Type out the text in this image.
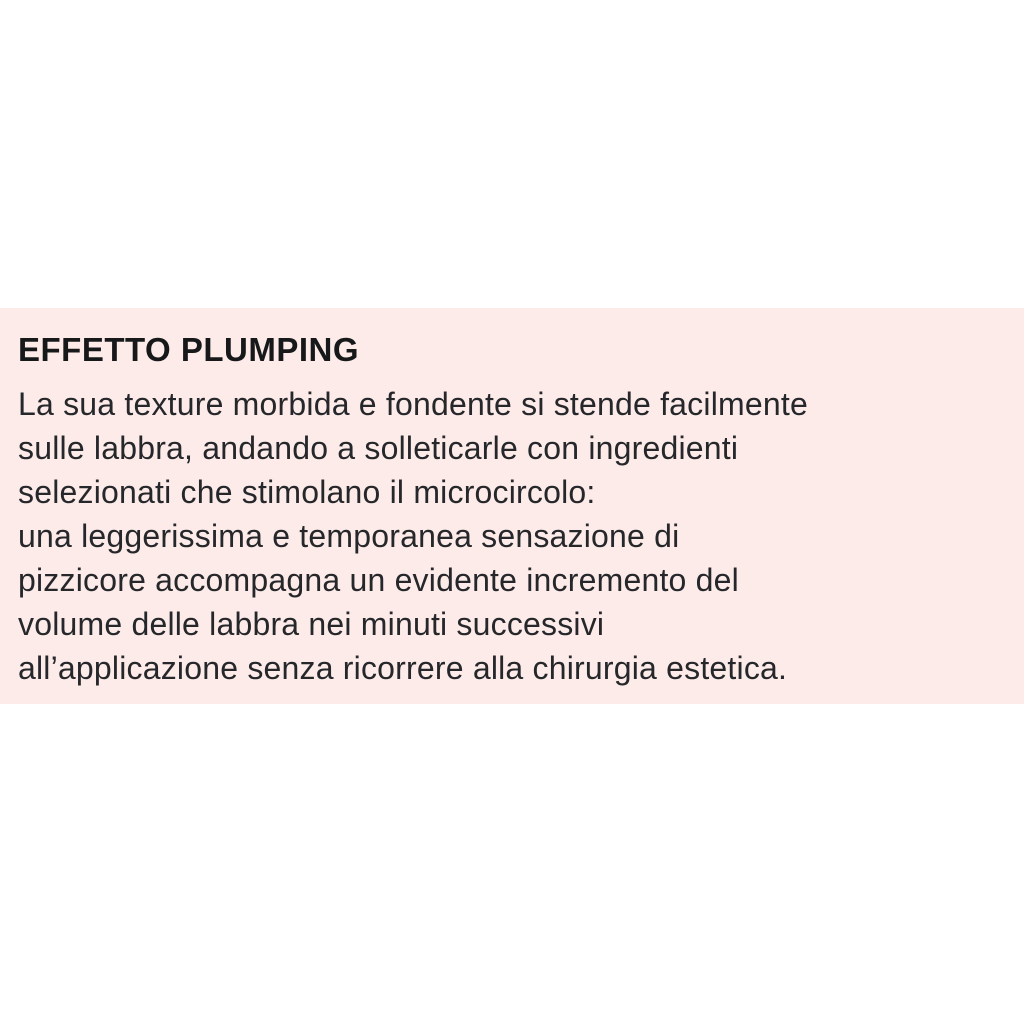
EFFETTO PLUMPING
La sua texture morbida e fondente si stende facilmente
sulle labbra, andando a solleticarle con ingredienti
selezionati che stimolano il microcircolo:
una leggerissima e temporanea sensazione di
pizzicore accompagna un evidente incremento del
volume delle labbra nei minuti successivi
all’applicazione senza ricorrere alla chirurgia estetica.
